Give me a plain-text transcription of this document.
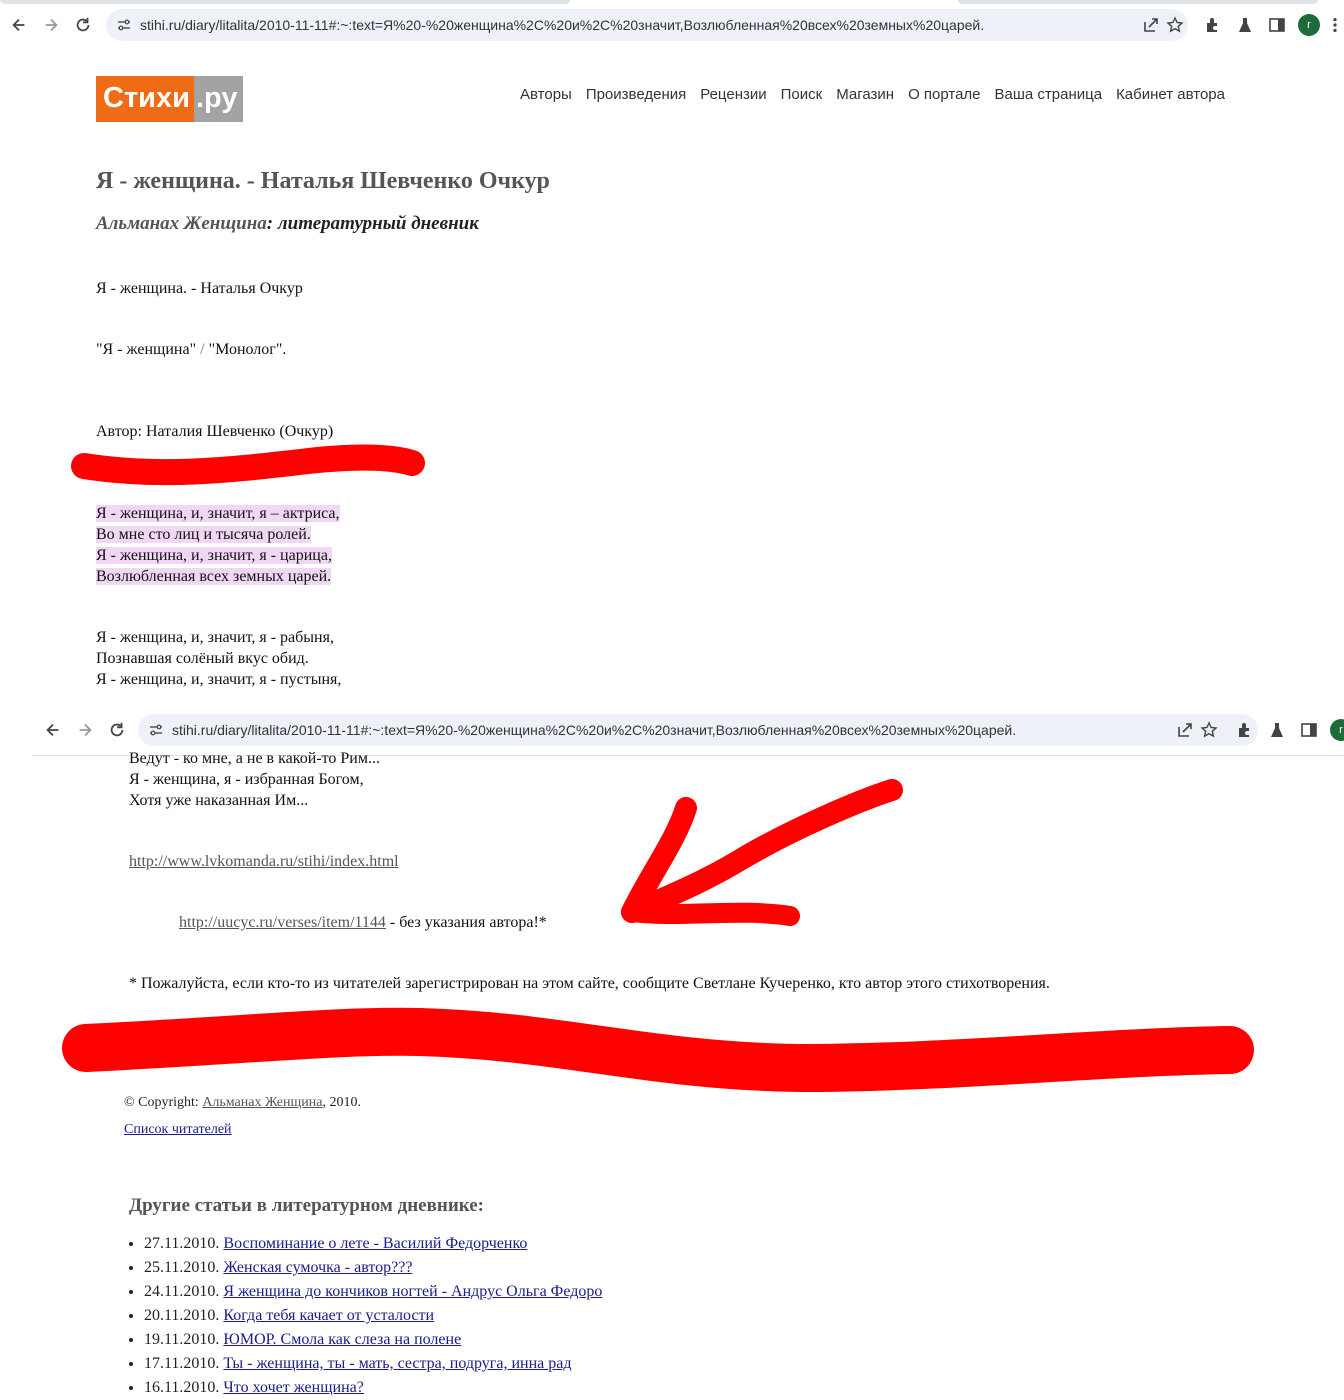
stihi.ru/diary/litalita/2010-11-11#:~:text=Я%20-%20женщина%2C%20и%2C%20значит,Возлюбленная%20всех%20земных%20царей.	r
Стихи .ру	Авторы Произведения Рецензии Поиск Магазин О портале Ваша страница Кабинет автора
Я - женщина. - Наталья Шевченко Очкур
Альманах Женщина: литературный дневник
Я - женщина. - Наталья Очкур
"Я - женщина" / "Монолог".
Автор: Наталия Шевченко (Очкур)
Я - женщина, и, значит, я – актриса,
Во мне сто лиц и тысяча ролей.
Я - женщина, и, значит, я - царица,
Возлюбленная всех земных царей.
Я - женщина, и, значит, я - рабыня,
Познавшая солёный вкус обид.
Я - женщина, и, значит, я - пустыня,
stihi.ru/diary/litalita/2010-11-11#:~:text=Я%20-%20женщина%2C%20и%2C%20значит,Возлюбленная%20всех%20земных%20царей.	r
Ведут - ко мне, а не в какой-то Рим...
Я - женщина, я - избранная Богом,
Хотя уже наказанная Им...
http://www.lvkomanda.ru/stihi/index.html
http://uucyc.ru/verses/item/1144 - без указания автора!*
* Пожалуйста, если кто-то из читателей зарегистрирован на этом сайте, сообщите Светлане Кучеренко, кто автор этого стихотворения.
© Copyright: Альманах Женщина, 2010.
Список читателей
Другие статьи в литературном дневнике:
• 27.11.2010. Воспоминание о лете - Василий Федорченко
• 25.11.2010. Женская сумочка - автор???
• 24.11.2010. Я женщина до кончиков ногтей - Андрус Ольга Федоро
• 20.11.2010. Когда тебя качает от усталости
• 19.11.2010. ЮМОР. Смола как слеза на полене
• 17.11.2010. Ты - женщина, ты - мать, сестра, подруга, инна рад
• 16.11.2010. Что хочет женщина?
